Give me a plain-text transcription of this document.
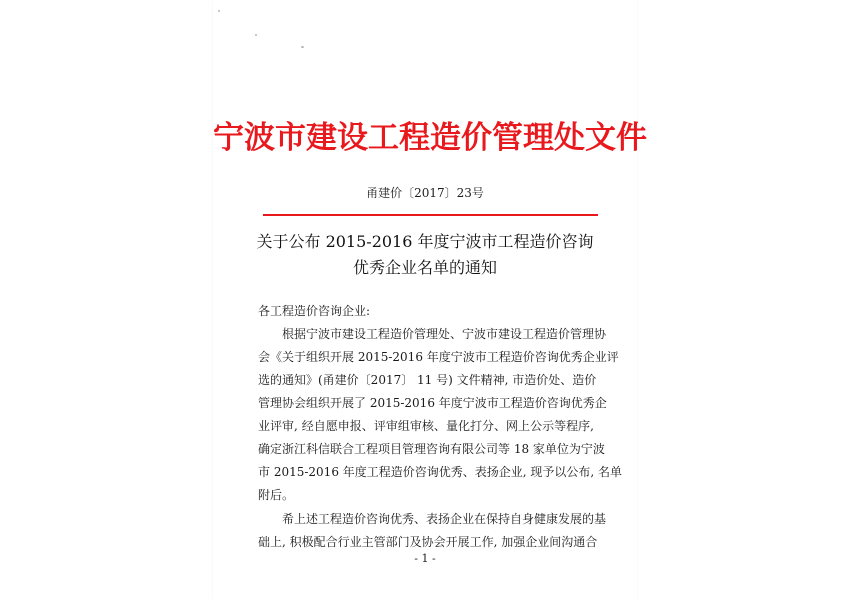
宁波市建设工程造价管理处文件
甬建价〔2017〕23号
关于公布 2015-2016 年度宁波市工程造价咨询
优秀企业名单的通知
各工程造价咨询企业:
根据宁波市建设工程造价管理处、宁波市建设工程造价管理协
会《关于组织开展 2015-2016 年度宁波市工程造价咨询优秀企业评
选的通知》(甬建价〔2017〕 11 号) 文件精神, 市造价处、造价
管理协会组织开展了 2015-2016 年度宁波市工程造价咨询优秀企
业评审, 经自愿申报、评审组审核、量化打分、网上公示等程序,
确定浙江科信联合工程项目管理咨询有限公司等 18 家单位为宁波
市 2015-2016 年度工程造价咨询优秀、表扬企业, 现予以公布, 名单
附后。
希上述工程造价咨询优秀、表扬企业在保持自身健康发展的基
础上, 积极配合行业主管部门及协会开展工作, 加强企业间沟通合
- 1 -
